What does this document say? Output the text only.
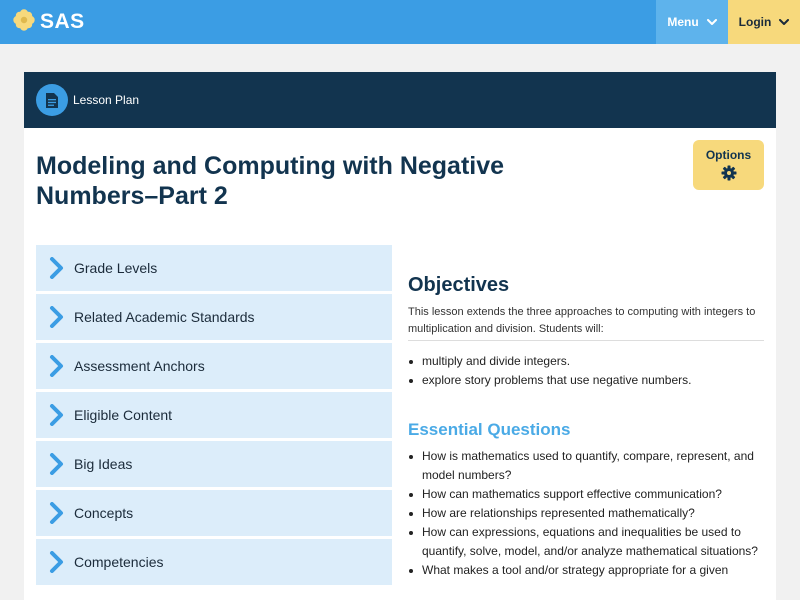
SAS	Menu	Login
Lesson Plan
Modeling and Computing with Negative
Numbers–Part 2
Options
Grade Levels
Related Academic Standards
Assessment Anchors
Eligible Content
Big Ideas
Concepts
Competencies
Objectives

This lesson extends the three approaches to computing with integers to multiplication and division. Students will:

multiply and divide integers.
explore story problems that use negative numbers.
Essential Questions
How is mathematics used to quantify, compare, represent, and model numbers?
How can mathematics support effective communication?
How are relationships represented mathematically?
How can expressions, equations and inequalities be used to quantify, solve, model, and/or analyze mathematical situations?
What makes a tool and/or strategy appropriate for a given
